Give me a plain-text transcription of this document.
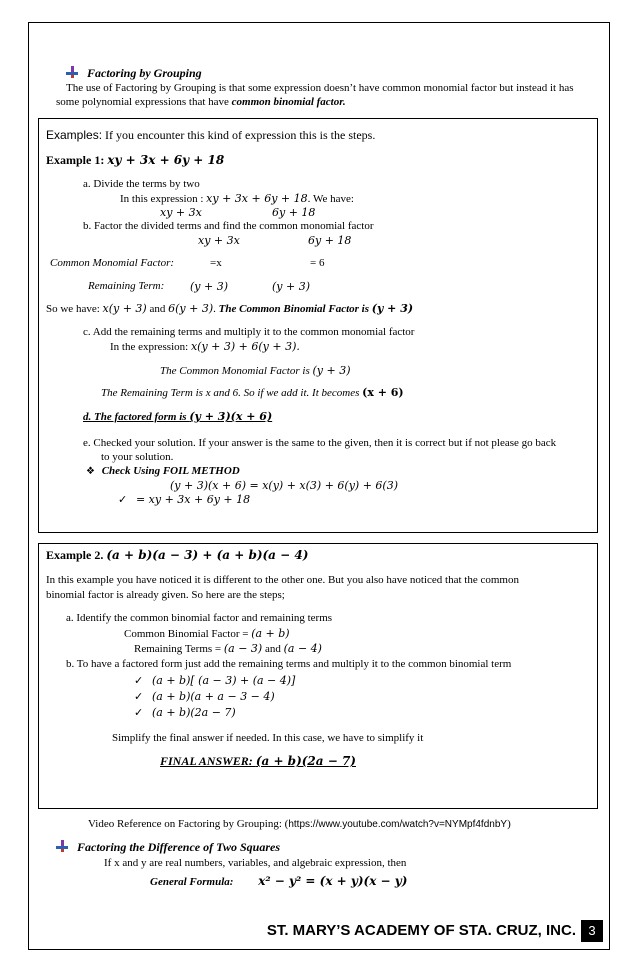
Factoring by Grouping
The use of Factoring by Grouping is that some expression doesn’t have common monomial factor but instead it has
some polynomial expressions that have common binomial factor.
Examples: If you encounter this kind of expression this is the steps.
Example 1: xy + 3x + 6y + 18
a. Divide the terms by two
In this expression : xy + 3x + 6y + 18. We have:
xy + 3x	6y + 18
b. Factor the divided terms and find the common monomial factor
xy + 3x	6y + 18
Common Monomial Factor:	=x	= 6
Remaining Term: (y + 3)	(y + 3)
So we have: x(y + 3) and 6(y + 3). The Common Binomial Factor is (y + 3)
c. Add the remaining terms and multiply it to the common monomial factor
In the expression: x(y + 3) + 6(y + 3).
The Common Monomial Factor is (y + 3)
The Remaining Term is x and 6. So if we add it. It becomes (x + 6)
d. The factored form is (y + 3)(x + 6)
e. Checked your solution. If your answer is the same to the given, then it is correct but if not please go back
to your solution.
❖ Check Using FOIL METHOD
(y + 3)(x + 6) = x(y) + x(3) + 6(y) + 6(3)
✓ = xy + 3x + 6y + 18
Example 2. (a + b)(a − 3) + (a + b)(a − 4)
In this example you have noticed it is different to the other one. But you also have noticed that the common
binomial factor is already given. So here are the steps;
a. Identify the common binomial factor and remaining terms
Common Binomial Factor = (a + b)
Remaining Terms = (a − 3) and (a − 4)
b. To have a factored form just add the remaining terms and multiply it to the common binomial term
✓ (a + b)[ (a − 3) + (a − 4)]
✓ (a + b)(a + a − 3 − 4)
✓ (a + b)(2a − 7)
Simplify the final answer if needed. In this case, we have to simplify it
FINAL ANSWER: (a + b)(2a − 7)
Video Reference on Factoring by Grouping: (https://www.youtube.com/watch?v=NYMpf4fdnbY)
Factoring the Difference of Two Squares
If x and y are real numbers, variables, and algebraic expression, then
General Formula: x² − y² = (x + y)(x − y)
ST. MARY’S ACADEMY OF STA. CRUZ, INC. 3
